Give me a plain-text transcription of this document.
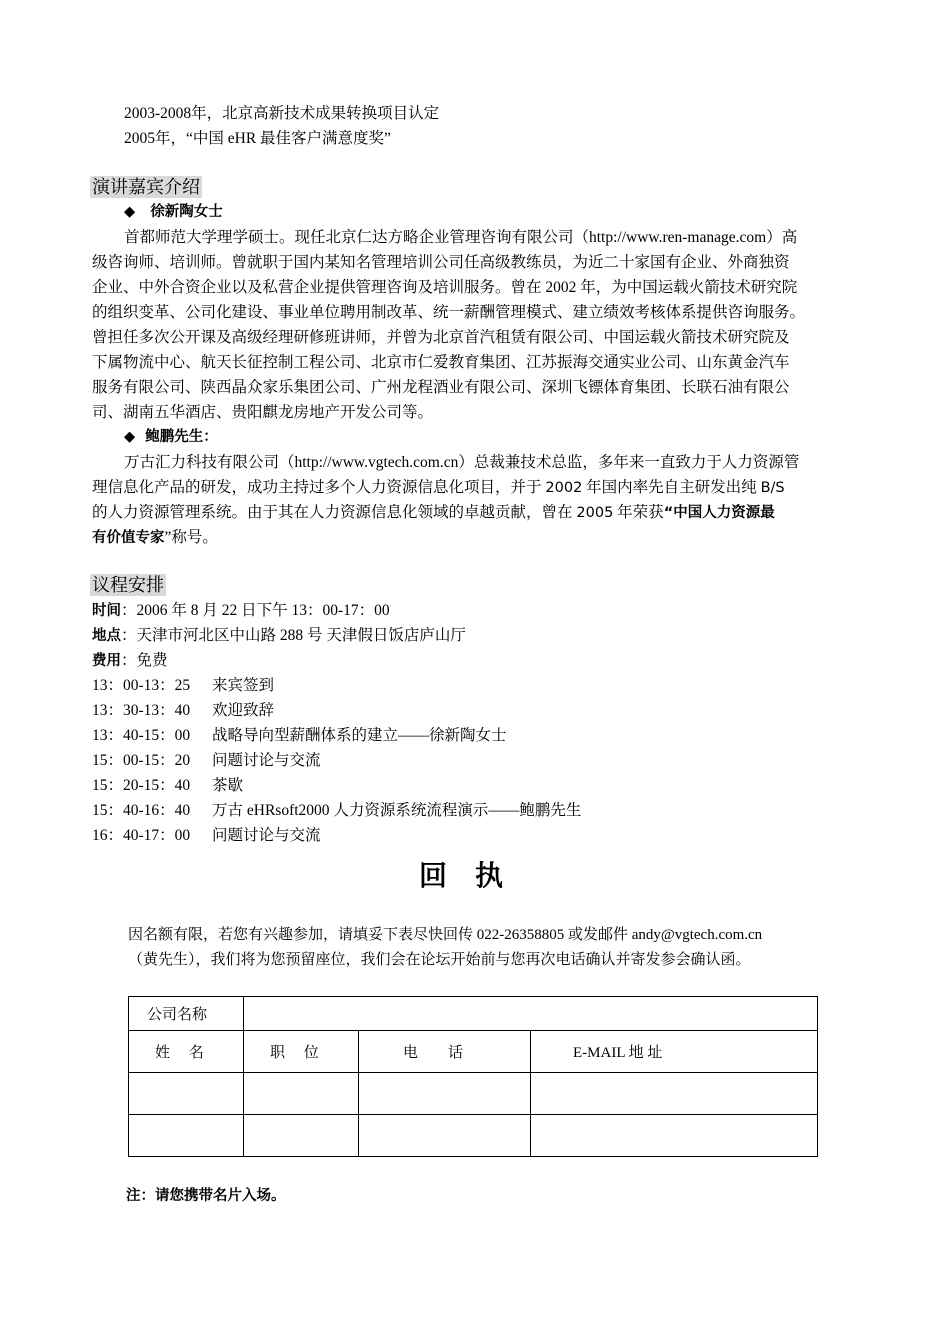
2003-2008年，北京高新技术成果转换项目认定
2005年，“中国 eHR 最佳客户满意度奖”
演讲嘉宾介绍
◆ 徐新陶女士
首都师范大学理学硕士。现任北京仁达方略企业管理咨询有限公司（http://www.ren-manage.com）高
级咨询师、培训师。曾就职于国内某知名管理培训公司任高级教练员，为近二十家国有企业、外商独资
企业、中外合资企业以及私营企业提供管理咨询及培训服务。曾在 2002 年，为中国运载火箭技术研究院
的组织变革、公司化建设、事业单位聘用制改革、统一薪酬管理模式、建立绩效考核体系提供咨询服务。
曾担任多次公开课及高级经理研修班讲师，并曾为北京首汽租赁有限公司、中国运载火箭技术研究院及
下属物流中心、航天长征控制工程公司、北京市仁爱教育集团、江苏振海交通实业公司、山东黄金汽车
服务有限公司、陕西晶众家乐集团公司、广州龙程酒业有限公司、深圳飞镖体育集团、长联石油有限公
司、湖南五华酒店、贵阳麒龙房地产开发公司等。
◆ 鲍鹏先生：
万古汇力科技有限公司（http://www.vgtech.com.cn）总裁兼技术总监，多年来一直致力于人力资源管
理信息化产品的研发，成功主持过多个人力资源信息化项目，并于 2002 年国内率先自主研发出纯 B/S
的人力资源管理系统。由于其在人力资源信息化领域的卓越贡献，曾在 2005 年荣获“中国人力资源最
有价值专家”称号。
议程安排
时间：2006 年 8 月 22 日下午 13：00-17：00
地点：天津市河北区中山路 288 号 天津假日饭店庐山厅
费用：免费
13：00-13：25 来宾签到
13：30-13：40 欢迎致辞
13：40-15：00 战略导向型薪酬体系的建立——徐新陶女士
15：00-15：20 问题讨论与交流
15：20-15：40 茶歇
15：40-16：40 万古 eHRsoft2000 人力资源系统流程演示——鲍鹏先生
16：40-17：00 问题讨论与交流
回执
因名额有限，若您有兴趣参加，请填妥下表尽快回传 022-26358805 或发邮件 andy@vgtech.com.cn
（黄先生），我们将为您预留座位，我们会在论坛开始前与您再次电话确认并寄发参会确认函。
公司名称			
姓　 名	职　 位	电　　话	E-MAIL 地 址

注：请您携带名片入场。
